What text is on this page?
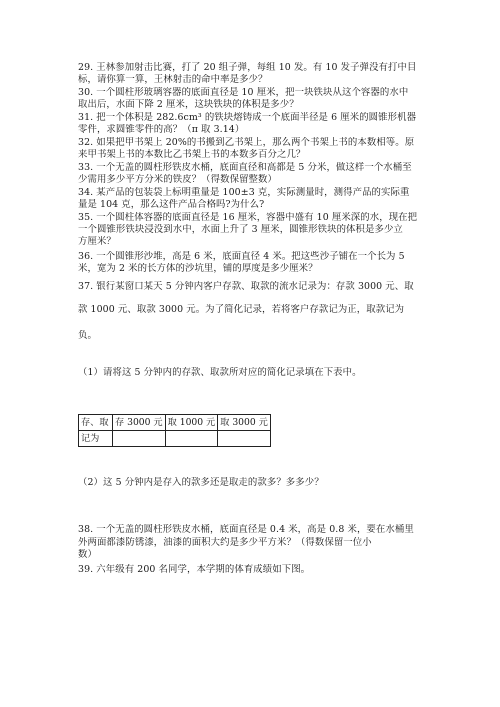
29. 王林参加射击比赛，打了 20 组子弹，每组 10 发。有 10 发子弹没有打中目
标，请你算一算，王林射击的命中率是多少？
30. 一个圆柱形玻璃容器的底面直径是 10 厘米，把一块铁块从这个容器的水中
取出后，水面下降 2 厘米，这块铁块的体积是多少？
31. 把一个体积是 282.6cm³ 的铁块熔铸成一个底面半径是 6 厘米的圆锥形机器
零件，求圆锥零件的高？（π 取 3.14）
32. 如果把甲书架上 20%的书搬到乙书架上，那么两个书架上书的本数相等。原
来甲书架上书的本数比乙书架上书的本数多百分之几？
33. 一个无盖的圆柱形铁皮水桶，底面直径和高都是 5 分米，做这样一个水桶至
少需用多少平方分米的铁皮？（得数保留整数）
34. 某产品的包装袋上标明重量是 100±3 克，实际测量时，测得产品的实际重
量是 104 克，那么这件产品合格吗?为什么?
35. 一个圆柱体容器的底面直径是 16 厘米，容器中盛有 10 厘米深的水，现在把
一个圆锥形铁块浸没到水中，水面上升了 3 厘米，圆锥形铁块的体积是多少立
方厘米？
36. 一个圆锥形沙堆，高是 6 米，底面直径 4 米。把这些沙子铺在一个长为 5
米，宽为 2 米的长方体的沙坑里，铺的厚度是多少厘米？
37. 银行某窗口某天 5 分钟内客户存款、取款的流水记录为：存款 3000 元、取
款 1000 元、取款 3000 元。为了简化记录，若将客户存款记为正，取款记为
负。
（1）请将这 5 分钟内的存款、取款所对应的简化记录填在下表中。
存、取	存 3000 元	取 1000 元	取 3000 元
记为			
（2）这 5 分钟内是存入的款多还是取走的款多？多多少？
38. 一个无盖的圆柱形铁皮水桶，底面直径是 0.4 米，高是 0.8 米，要在水桶里
外两面都漆防锈漆，油漆的面积大约是多少平方米？（得数保留一位小
数）
39. 六年级有 200 名同学，本学期的体育成绩如下图。
